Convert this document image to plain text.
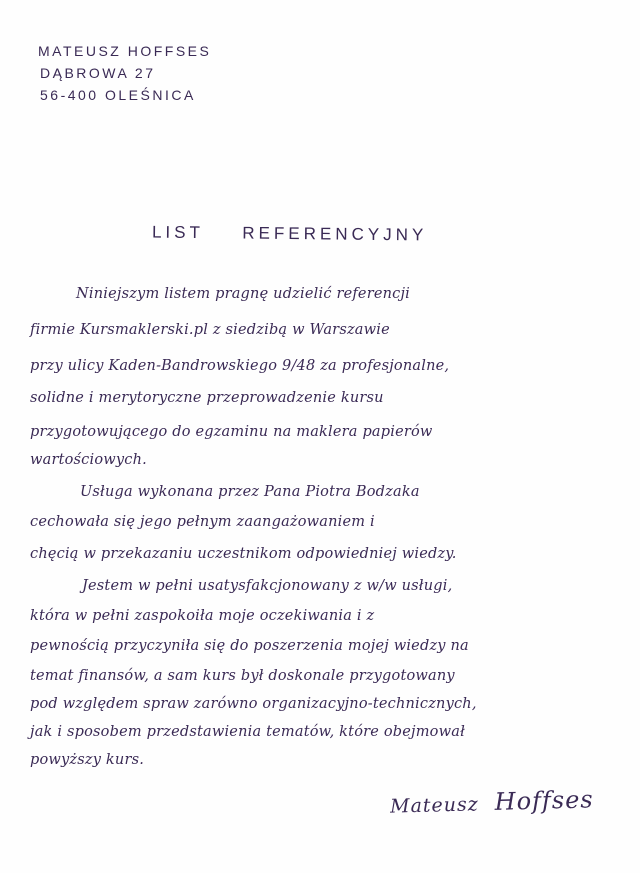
MATEUSZ HOFFSES
DĄBROWA 27
56-400 OLEŚNICA
LIST REFERENCYJNY
Niniejszym listem pragnę udzielić referencji
firmie Kursmaklerski.pl z siedzibą w Warszawie
przy ulicy Kaden-Bandrowskiego 9/48 za profesjonalne,
solidne i merytoryczne przeprowadzenie kursu
przygotowującego do egzaminu na maklera papierów
wartościowych.
Usługa wykonana przez Pana Piotra Bodzaka
cechowała się jego pełnym zaangażowaniem i
chęcią w przekazaniu uczestnikom odpowiedniej wiedzy.
Jestem w pełni usatysfakcjonowany z w/w usługi,
która w pełni zaspokoiła moje oczekiwania i z
pewnością przyczyniła się do poszerzenia mojej wiedzy na
temat finansów, a sam kurs był doskonale przygotowany
pod względem spraw zarówno organizacyjno-technicznych,
jak i sposobem przedstawienia tematów, które obejmował
powyższy kurs.
Mateusz Hoffses
